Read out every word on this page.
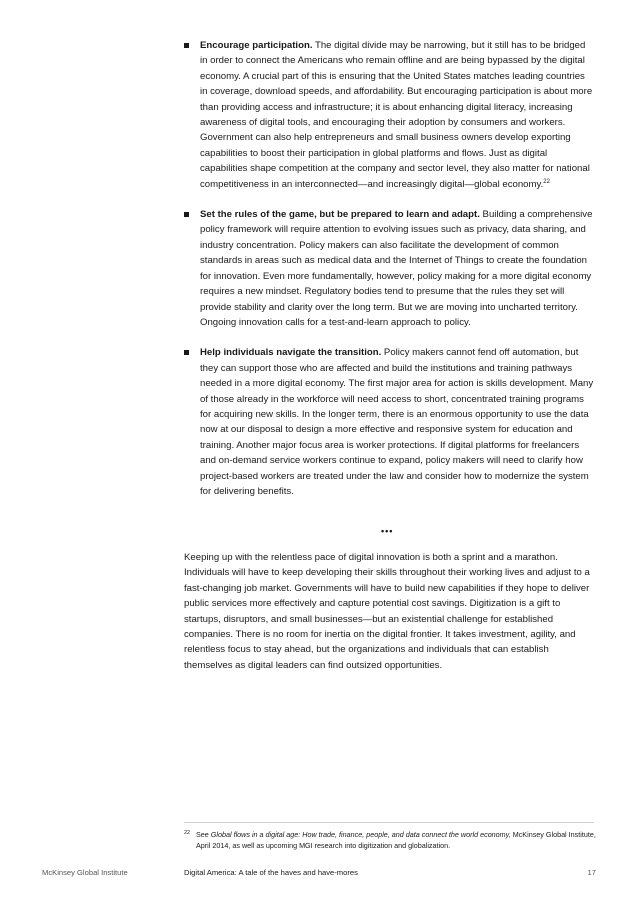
Encourage participation. The digital divide may be narrowing, but it still has to be bridged in order to connect the Americans who remain offline and are being bypassed by the digital economy. A crucial part of this is ensuring that the United States matches leading countries in coverage, download speeds, and affordability. But encouraging participation is about more than providing access and infrastructure; it is about enhancing digital literacy, increasing awareness of digital tools, and encouraging their adoption by consumers and workers. Government can also help entrepreneurs and small business owners develop exporting capabilities to boost their participation in global platforms and flows. Just as digital capabilities shape competition at the company and sector level, they also matter for national competitiveness in an interconnected—and increasingly digital—global economy.$^{22}$
Set the rules of the game, but be prepared to learn and adapt. Building a comprehensive policy framework will require attention to evolving issues such as privacy, data sharing, and industry concentration. Policy makers can also facilitate the development of common standards in areas such as medical data and the Internet of Things to create the foundation for innovation. Even more fundamentally, however, policy making for a more digital economy requires a new mindset. Regulatory bodies tend to presume that the rules they set will provide stability and clarity over the long term. But we are moving into uncharted territory. Ongoing innovation calls for a test-and-learn approach to policy.
Help individuals navigate the transition. Policy makers cannot fend off automation, but they can support those who are affected and build the institutions and training pathways needed in a more digital economy. The first major area for action is skills development. Many of those already in the workforce will need access to short, concentrated training programs for acquiring new skills. In the longer term, there is an enormous opportunity to use the data now at our disposal to design a more effective and responsive system for education and training. Another major focus area is worker protections. If digital platforms for freelancers and on-demand service workers continue to expand, policy makers will need to clarify how project-based workers are treated under the law and consider how to modernize the system for delivering benefits.
•••

Keeping up with the relentless pace of digital innovation is both a sprint and a marathon. Individuals will have to keep developing their skills throughout their working lives and adjust to a fast-changing job market. Governments will have to build new capabilities if they hope to deliver public services more effectively and capture potential cost savings. Digitization is a gift to startups, disruptors, and small businesses—but an existential challenge for established companies. There is no room for inertia on the digital frontier. It takes investment, agility, and relentless focus to stay ahead, but the organizations and individuals that can establish themselves as digital leaders can find outsized opportunities.

22 See Global flows in a digital age: How trade, finance, people, and data connect the world economy, McKinsey Global Institute, April 2014, as well as upcoming MGI research into digitization and globalization.
McKinsey Global Institute	Digital America: A tale of the haves and have-mores	17
